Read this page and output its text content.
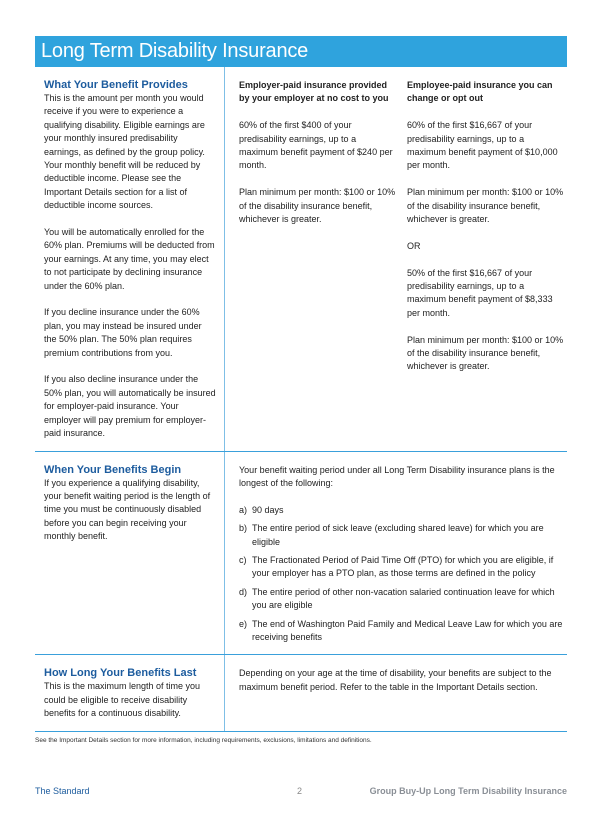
Long Term Disability Insurance
What Your Benefit Provides

This is the amount per month you would receive if you were to experience a qualifying disability. Eligible earnings are your monthly insured predisability earnings, as defined by the group policy. Your monthly benefit will be reduced by deductible income. Please see the Important Details section for a list of deductible income sources.

You will be automatically enrolled for the 60% plan. Premiums will be deducted from your earnings. At any time, you may elect to not participate by declining insurance under the 60% plan.

If you decline insurance under the 60% plan, you may instead be insured under the 50% plan. The 50% plan requires premium contributions from you.

If you also decline insurance under the 50% plan, you will automatically be insured for employer-paid insurance. Your employer will pay premium for employer-paid insurance.

Employer-paid insurance provided by your employer at no cost to you

60% of the first $400 of your predisability earnings, up to a maximum benefit payment of $240 per month.

Plan minimum per month: $100 or 10% of the disability insurance benefit, whichever is greater.

Employee-paid insurance you can change or opt out

60% of the first $16,667 of your predisability earnings, up to a maximum benefit payment of $10,000 per month.

Plan minimum per month: $100 or 10% of the disability insurance benefit, whichever is greater.

OR

50% of the first $16,667 of your predisability earnings, up to a maximum benefit payment of $8,333 per month.

Plan minimum per month: $100 or 10% of the disability insurance benefit, whichever is greater.

When Your Benefits Begin

If you experience a qualifying disability, your benefit waiting period is the length of time you must be continuously disabled before you can begin receiving your monthly benefit.

Your benefit waiting period under all Long Term Disability insurance plans is the longest of the following:

a) 90 days
b) The entire period of sick leave (excluding shared leave) for which you are eligible
c) The Fractionated Period of Paid Time Off (PTO) for which you are eligible, if your employer has a PTO plan, as those terms are defined in the policy
d) The entire period of other non-vacation salaried continuation leave for which you are eligible
e) The end of Washington Paid Family and Medical Leave Law for which you are receiving benefits
How Long Your Benefits Last

This is the maximum length of time you could be eligible to receive disability benefits for a continuous disability.

Depending on your age at the time of disability, your benefits are subject to the maximum benefit period. Refer to the table in the Important Details section.

See the Important Details section for more information, including requirements, exclusions, limitations and definitions.
The Standard	2	Group Buy-Up Long Term Disability Insurance
